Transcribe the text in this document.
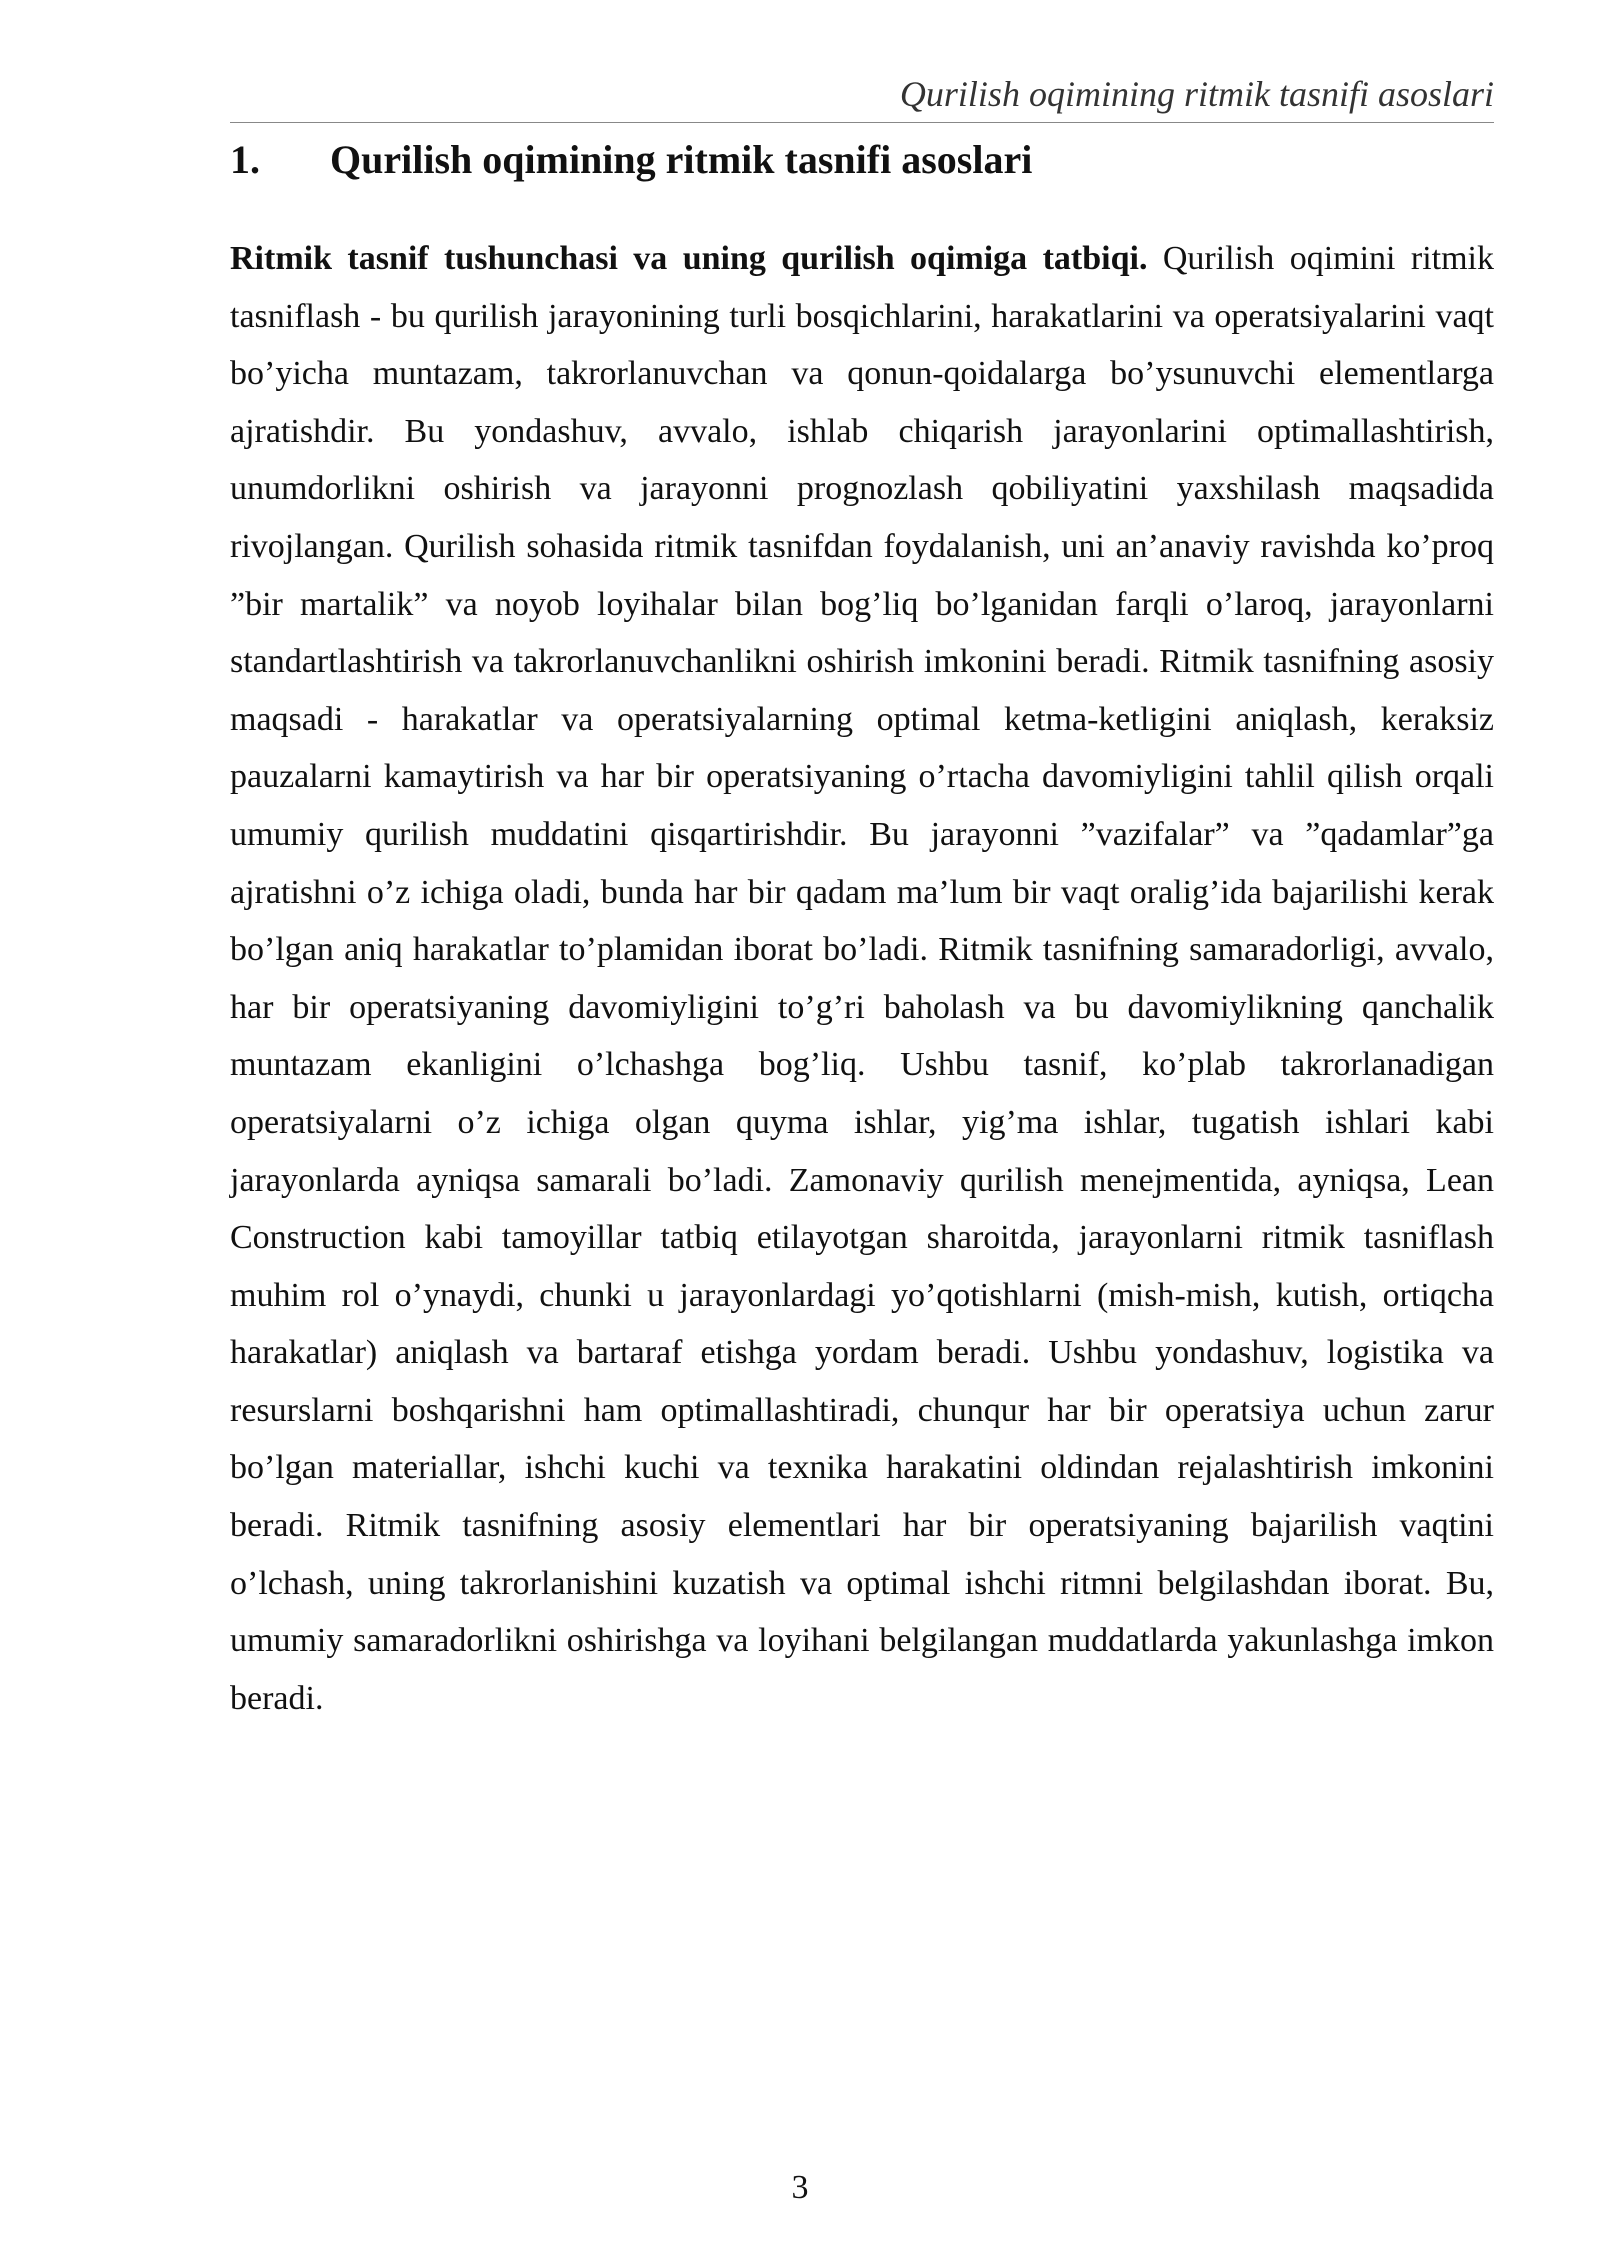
Qurilish oqimining ritmik tasnifi asoslari
1.	Qurilish oqimining ritmik tasnifi asoslari

Ritmik tasnif tushunchasi va uning qurilish oqimiga tatbiqi. Qurilish oqimini ritmik tasniflash - bu qurilish jarayonining turli bosqichlarini, harakatlarini va operatsiyalarini vaqt bo’yicha muntazam, takrorlanuvchan va qonun-qoidalarga bo’ysunuvchi elementlarga ajratishdir. Bu yondashuv, avvalo, ishlab chiqarish jarayonlarini optimallashtirish, unumdorlikni oshirish va jarayonni prognozlash qobiliyatini yaxshilash maqsadida rivojlangan. Qurilish sohasida ritmik tasnifdan foydalanish, uni an’anaviy ravishda ko’proq ”bir martalik” va noyob loyihalar bilan bog’liq bo’lganidan farqli o’laroq, jarayonlarni standartlashtirish va takrorlanuvchanlikni oshirish imkonini beradi. Ritmik tasnifning asosiy maqsadi - harakatlar va operatsiyalarning optimal ketma-ketligini aniqlash, keraksiz pauzalarni kamaytirish va har bir operatsiyaning o’rtacha davomiyligini tahlil qilish orqali umumiy qurilish muddatini qisqartirishdir. Bu jarayonni ”vazifalar” va ”qadamlar”ga ajratishni o’z ichiga oladi, bunda har bir qadam ma’lum bir vaqt oralig’ida bajarilishi kerak bo’lgan aniq harakatlar to’plamidan iborat bo’ladi. Ritmik tasnifning samaradorligi, avvalo, har bir operatsiyaning davomiyligini to’g’ri baholash va bu davomiylikning qanchalik muntazam ekanligini o’lchashga bog’liq. Ushbu tasnif, ko’plab takrorlanadigan operatsiyalarni o’z ichiga olgan quyma ishlar, yig’ma ishlar, tugatish ishlari kabi jarayonlarda ayniqsa samarali bo’ladi. Zamonaviy qurilish menejmentida, ayniqsa, Lean Construction kabi tamoyillar tatbiq etilayotgan sharoitda, jarayonlarni ritmik tasniflash muhim rol o’ynaydi, chunki u jarayonlardagi yo’qotishlarni (mish-mish, kutish, ortiqcha harakatlar) aniqlash va bartaraf etishga yordam beradi. Ushbu yondashuv, logistika va resurslarni boshqarishni ham optimallashtiradi, chunqur har bir operatsiya uchun zarur bo’lgan materiallar, ishchi kuchi va texnika harakatini oldindan rejalashtirish imkonini beradi. Ritmik tasnifning asosiy elementlari har bir operatsiyaning bajarilish vaqtini o’lchash, uning takrorlanishini kuzatish va optimal ishchi ritmni belgilashdan iborat. Bu, umumiy samaradorlikni oshirishga va loyihani belgilangan muddatlarda yakunlashga imkon beradi.

3
